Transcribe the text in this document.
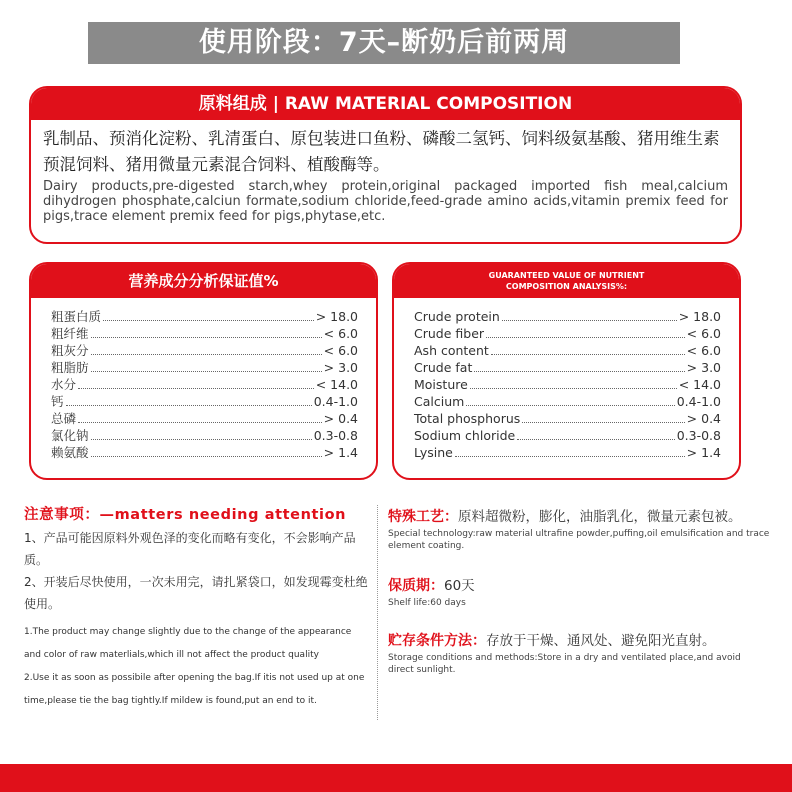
使用阶段：7天–断奶后前两周
原料组成 | RAW MATERIAL COMPOSITION
乳制品、预消化淀粉、乳清蛋白、原包装进口鱼粉、磷酸二氢钙、饲料级氨基酸、猪用维生素预混饲料、猪用微量元素混合饲料、植酸酶等。
Dairy products,pre-digested starch,whey protein,original packaged imported fish meal,calcium dihydrogen phosphate,calciun formate,sodium chloride,feed-grade amino acids,vitamin premix feed for pigs,trace element premix feed for pigs,phytase,etc.
营养成分分析保证值%
粗蛋白质	> 18.0
粗纤维	< 6.0
粗灰分	< 6.0
粗脂肪	> 3.0
水分	< 14.0
钙	0.4-1.0
总磷	> 0.4
氯化钠	0.3-0.8
赖氨酸	> 1.4
GUARANTEED VALUE OF NUTRIENT
COMPOSITION ANALYSIS%:
Crude protein	> 18.0
Crude fiber	< 6.0
Ash content	< 6.0
Crude fat	> 3.0
Moisture	< 14.0
Calcium	0.4-1.0
Total phosphorus	> 0.4
Sodium chloride	0.3-0.8
Lysine	> 1.4
注意事项：—matters needing attention
1、产品可能因原料外观色泽的变化而略有变化，不会影响产品质。
2、开装后尽快使用，一次未用完，请扎紧袋口，如发现霉变杜绝使用。
1.The product may change slightly due to the change of the appearance and color of raw materlials,which ill not affect the product quality
2.Use it as soon as possibile after opening the bag.If itis not used up at one time,please tie the bag tightly.If mildew is found,put an end to it.
特殊工艺：原料超微粉，膨化，油脂乳化，微量元素包被。
Special technology:raw material ultrafine powder,puffing,oil emulsification and trace element coating.
保质期：60天
Shelf life:60 days
贮存条件方法：存放于干燥、通风处、避免阳光直射。
Storage conditions and methods:Store in a dry and ventilated place,and avoid direct sunlight.
